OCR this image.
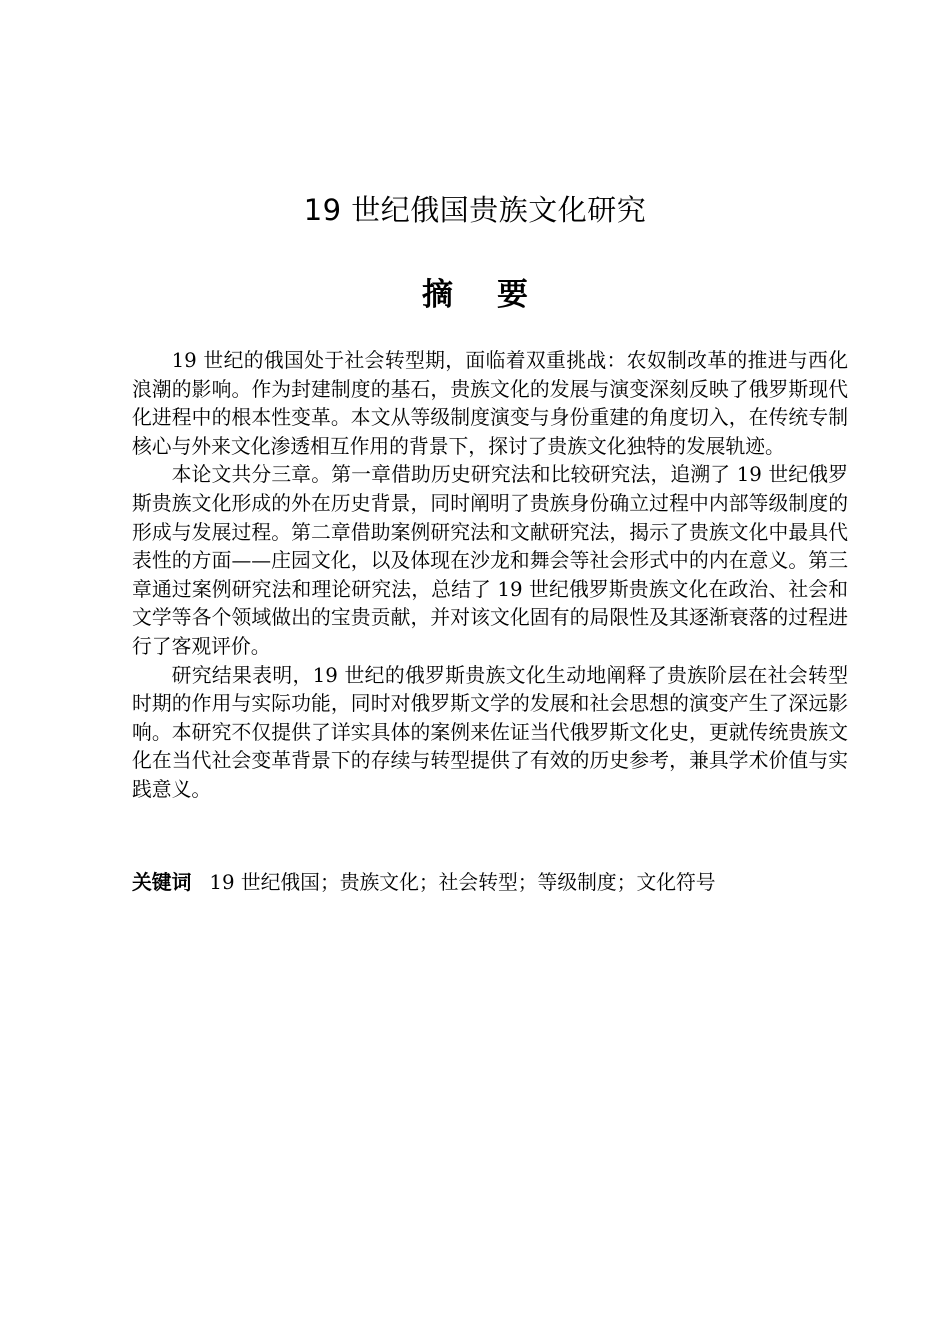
19 世纪俄国贵族文化研究
摘要

19 世纪的俄国处于社会转型期，面临着双重挑战：农奴制改革的推进与西化浪潮的影响。作为封建制度的基石，贵族文化的发展与演变深刻反映了俄罗斯现代化进程中的根本性变革。本文从等级制度演变与身份重建的角度切入，在传统专制核心与外来文化渗透相互作用的背景下，探讨了贵族文化独特的发展轨迹。

本论文共分三章。第一章借助历史研究法和比较研究法，追溯了 19 世纪俄罗斯贵族文化形成的外在历史背景，同时阐明了贵族身份确立过程中内部等级制度的形成与发展过程。第二章借助案例研究法和文献研究法，揭示了贵族文化中最具代表性的方面——庄园文化，以及体现在沙龙和舞会等社会形式中的内在意义。第三章通过案例研究法和理论研究法，总结了 19 世纪俄罗斯贵族文化在政治、社会和文学等各个领域做出的宝贵贡献，并对该文化固有的局限性及其逐渐衰落的过程进行了客观评价。

研究结果表明，19 世纪的俄罗斯贵族文化生动地阐释了贵族阶层在社会转型时期的作用与实际功能，同时对俄罗斯文学的发展和社会思想的演变产生了深远影响。本研究不仅提供了详实具体的案例来佐证当代俄罗斯文化史，更就传统贵族文化在当代社会变革背景下的存续与转型提供了有效的历史参考，兼具学术价值与实践意义。

关键词 19 世纪俄国；贵族文化；社会转型；等级制度；文化符号
